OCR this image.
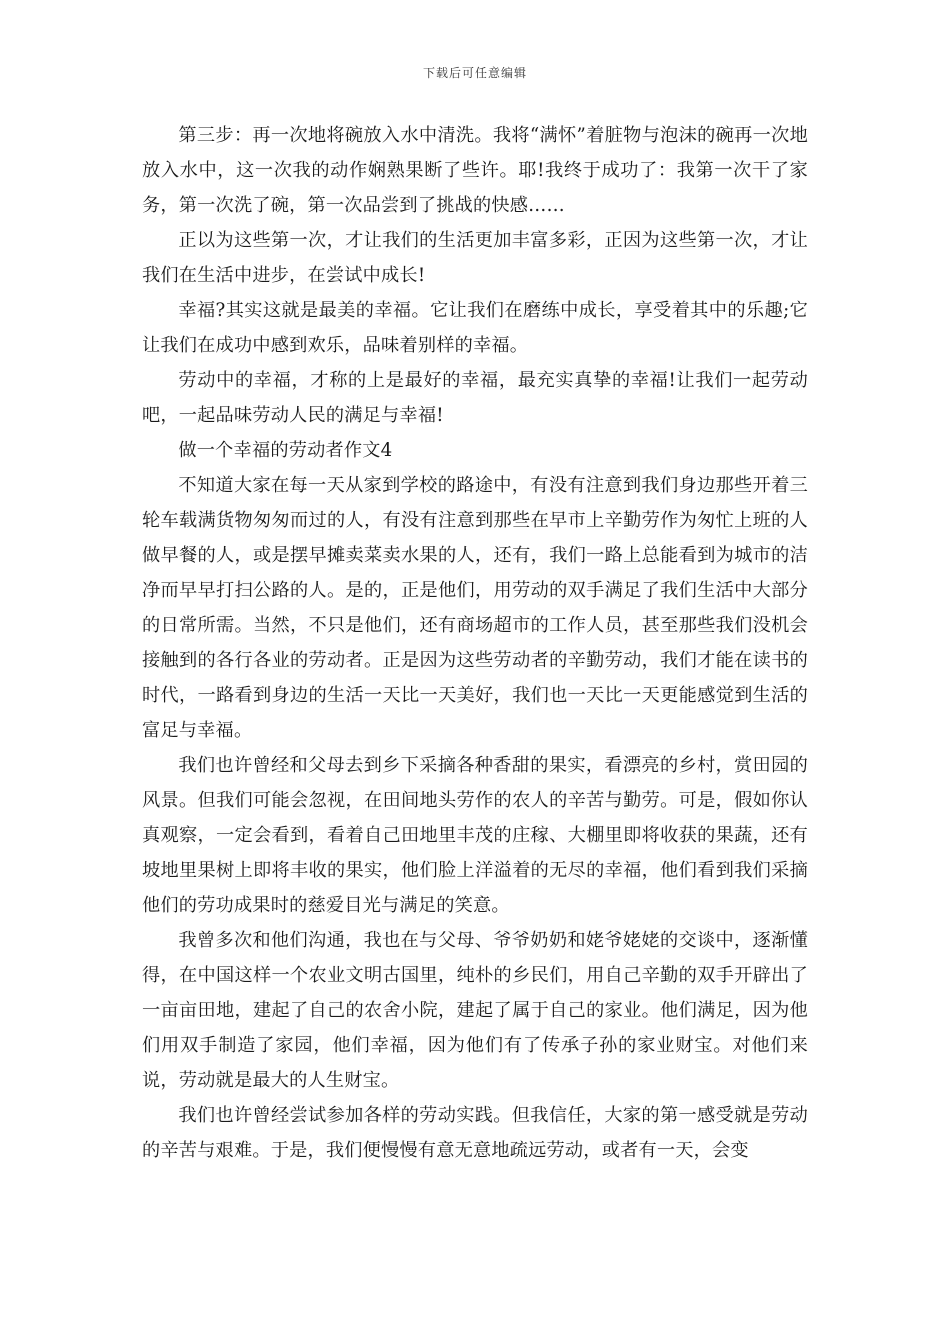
下载后可任意编辑

第三步：再一次地将碗放入水中清洗。我将“满怀”着脏物与泡沫的碗再一次地放入水中，这一次我的动作娴熟果断了些许。耶!我终于成功了：我第一次干了家务，第一次洗了碗，第一次品尝到了挑战的快感……

正以为这些第一次，才让我们的生活更加丰富多彩，正因为这些第一次，才让我们在生活中进步，在尝试中成长!

幸福?其实这就是最美的幸福。它让我们在磨练中成长，享受着其中的乐趣;它让我们在成功中感到欢乐，品味着别样的幸福。

劳动中的幸福，才称的上是最好的幸福，最充实真挚的幸福!让我们一起劳动吧，一起品味劳动人民的满足与幸福!

做一个幸福的劳动者作文4

不知道大家在每一天从家到学校的路途中，有没有注意到我们身边那些开着三轮车载满货物匆匆而过的人，有没有注意到那些在早市上辛勤劳作为匆忙上班的人做早餐的人，或是摆早摊卖菜卖水果的人，还有，我们一路上总能看到为城市的洁净而早早打扫公路的人。是的，正是他们，用劳动的双手满足了我们生活中大部分的日常所需。当然，不只是他们，还有商场超市的工作人员，甚至那些我们没机会接触到的各行各业的劳动者。正是因为这些劳动者的辛勤劳动，我们才能在读书的时代，一路看到身边的生活一天比一天美好，我们也一天比一天更能感觉到生活的富足与幸福。

我们也许曾经和父母去到乡下采摘各种香甜的果实，看漂亮的乡村，赏田园的风景。但我们可能会忽视，在田间地头劳作的农人的辛苦与勤劳。可是，假如你认真观察，一定会看到，看着自己田地里丰茂的庄稼、大棚里即将收获的果蔬，还有坡地里果树上即将丰收的果实，他们脸上洋溢着的无尽的幸福，他们看到我们采摘他们的劳功成果时的慈爱目光与满足的笑意。

我曾多次和他们沟通，我也在与父母、爷爷奶奶和姥爷姥姥的交谈中，逐渐懂得，在中国这样一个农业文明古国里，纯朴的乡民们，用自己辛勤的双手开辟出了一亩亩田地，建起了自己的农舍小院，建起了属于自己的家业。他们满足，因为他们用双手制造了家园，他们幸福，因为他们有了传承子孙的家业财宝。对他们来说，劳动就是最大的人生财宝。

我们也许曾经尝试参加各样的劳动实践。但我信任，大家的第一感受就是劳动的辛苦与艰难。于是，我们便慢慢有意无意地疏远劳动，或者有一天，会变
